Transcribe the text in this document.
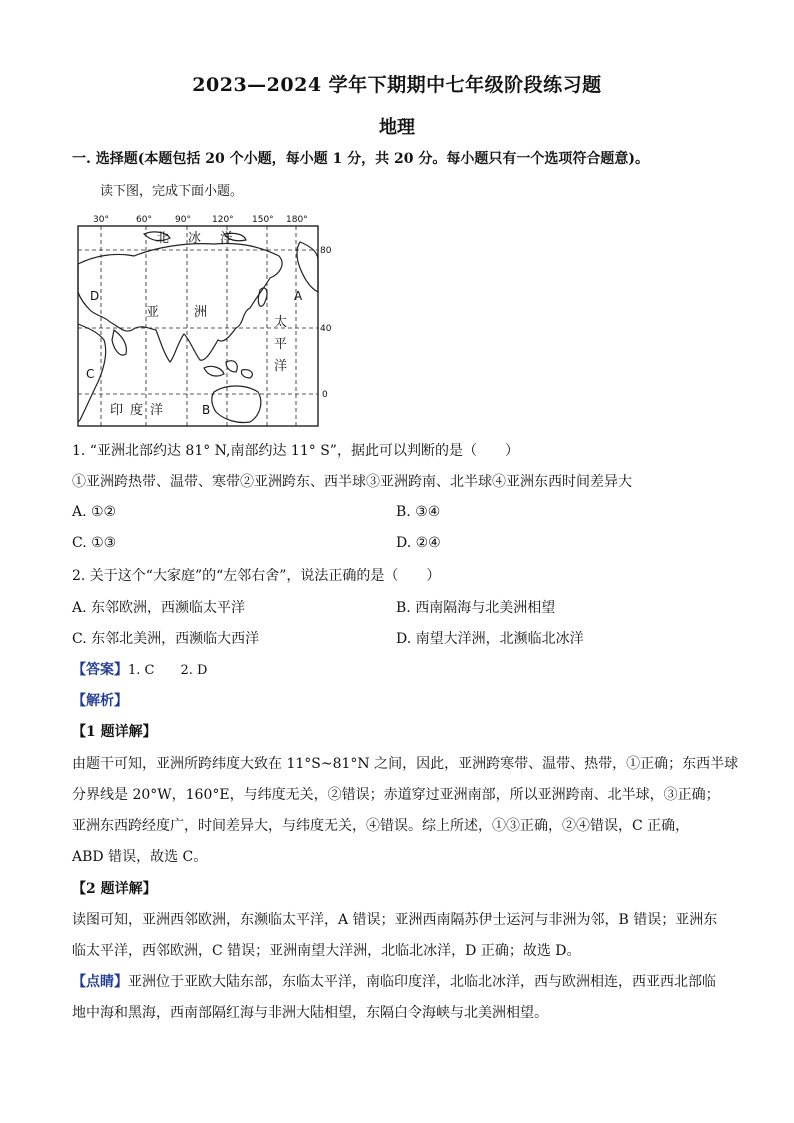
2023—2024 学年下期期中七年级阶段练习题
地理
一. 选择题(本题包括 20 个小题，每小题 1 分，共 20 分。每小题只有一个选项符合题意)。
读下图，完成下面小题。
30°	60°	90° 120° 150° 180°
80
40
0
北 冰 洋
亚	洲
太
平
洋
印 度 洋
A
B
C
D
1. “亚洲北部约达 81° N,南部约达 11° S”，据此可以判断的是（　　）
①亚洲跨热带、温带、寒带②亚洲跨东、西半球③亚洲跨南、北半球④亚洲东西时间差异大
A. ①②	B. ③④
C. ①③	D. ②④
2. 关于这个“大家庭”的“左邻右舍”，说法正确的是（　　）
A. 东邻欧洲，西濒临太平洋	B. 西南隔海与北美洲相望
C. 东邻北美洲，西濒临大西洋	D. 南望大洋洲，北濒临北冰洋
【答案】1. C　　2. D
【解析】
【1 题详解】
由题干可知，亚洲所跨纬度大致在 11°S~81°N 之间，因此，亚洲跨寒带、温带、热带，①正确；东西半球
分界线是 20°W，160°E，与纬度无关，②错误；赤道穿过亚洲南部，所以亚洲跨南、北半球，③正确；
亚洲东西跨经度广，时间差异大，与纬度无关，④错误。综上所述，①③正确，②④错误，C 正确，
ABD 错误，故选 C。
【2 题详解】
读图可知，亚洲西邻欧洲，东濒临太平洋，A 错误；亚洲西南隔苏伊士运河与非洲为邻，B 错误；亚洲东
临太平洋，西邻欧洲，C 错误；亚洲南望大洋洲，北临北冰洋，D 正确；故选 D。
【点睛】亚洲位于亚欧大陆东部，东临太平洋，南临印度洋，北临北冰洋，西与欧洲相连，西亚西北部临
地中海和黑海，西南部隔红海与非洲大陆相望，东隔白令海峡与北美洲相望。
